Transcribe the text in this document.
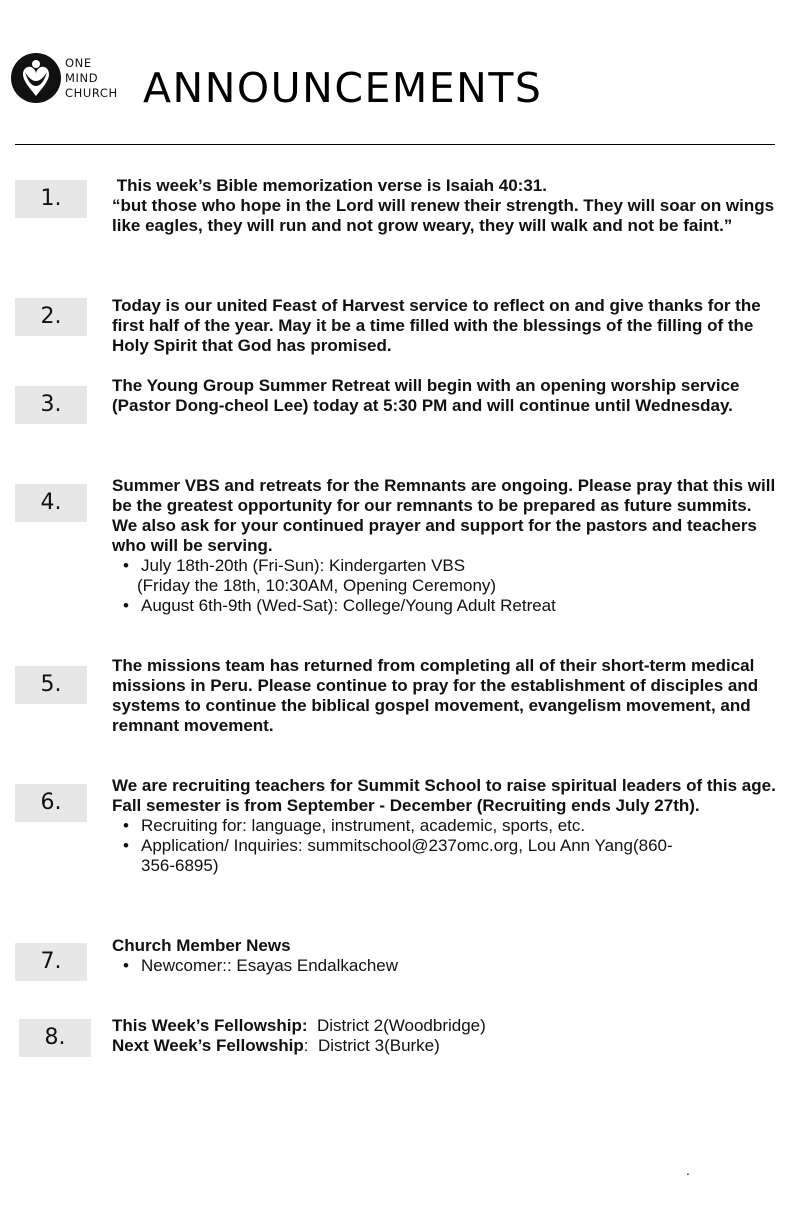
ONE
MIND
CHURCH ANNOUNCEMENTS
1.

This week’s Bible memorization verse is Isaiah 40:31.

“but those who hope in the Lord will renew their strength. They will soar on wings like eagles, they will run and not grow weary, they will walk and not be faint.”

2.	Today is our united Feast of Harvest service to reflect on and give thanks for the first half of the year. May it be a time filled with the blessings of the filling of the Holy Spirit that God has promised.

3.

The Young Group Summer Retreat will begin with an opening worship service (Pastor Dong-cheol Lee) today at 5:30 PM and will continue until Wednesday.

4.

Summer VBS and retreats for the Remnants are ongoing. Please pray that this will be the greatest opportunity for our remnants to be prepared as future summits. We also ask for your continued prayer and support for the pastors and teachers who will be serving.

• July 18th-20th (Fri-Sun): Kindergarten VBS
(Friday the 18th, 10:30AM, Opening Ceremony)
• August 6th-9th (Wed-Sat): College/Young Adult Retreat
5.

The missions team has returned from completing all of their short-term medical missions in Peru. Please continue to pray for the establishment of disciples and systems to continue the biblical gospel movement, evangelism movement, and remnant movement.

6.

We are recruiting teachers for Summit School to raise spiritual leaders of this age. Fall semester is from September - December (Recruiting ends July 27th).

• Recruiting for: language, instrument, academic, sports, etc.
• Application/ Inquiries: summitschool@237omc.org, Lou Ann Yang(860-356-6895)
7.

Church Member News

• Newcomer:: Esayas Endalkachew
8.	This Week’s Fellowship:  District 2(Woodbridge)

Next Week’s Fellowship:  District 3(Burke)

.
